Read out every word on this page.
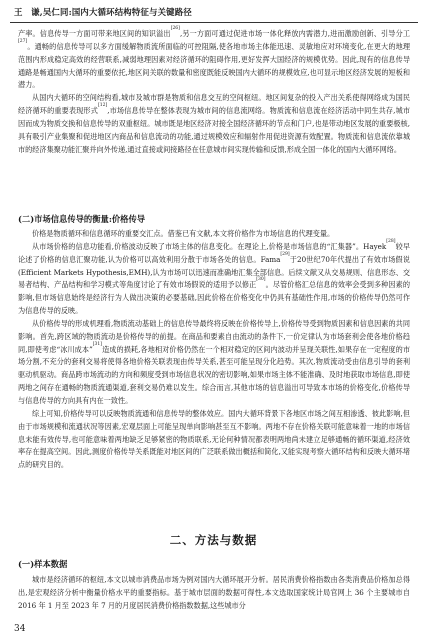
王　谦,吴仁同:国内大循环结构特征与关键路径

产率。信息传导一方面可带来地区间的知识溢出[26],另一方面可通过促进市场一体化释放内需潜力,进而激励创新、引导分工[27]。通畅的信息传导可以多方面缓解物质流所面临的可控阻隔,使各地市场主体能迅速、灵敏地应对环境变化,在更大的地理范围内形成稳定高效的经营联系,减弱地理因素对经济循环的阻碍作用,更好发挥大国经济的规模优势。因此,现有的信息传导通路是畅通国内大循环的重要依托,地区间关联的数量和密度既能反映国内大循环的规模效应,也可显示地区经济发展的短板和潜力。

从国内大循环的空间结构看,城市及城市群是物质和信息交互的空间枢纽。地区间复杂的投入产出关系使得网络成为国民经济循环的重要表现形式[12],市场信息传导在整体表现为城市间的信息流网络。物质流和信息流在经济活动中同生共存,城市因而成为物质交换和信息传导的双重枢纽。城市既是地区经济对接全国经济循环的节点和门户,也是带动地区发展的重要极核,具有吸引产业集聚和促进地区内商品和信息流动的功能,通过规模效应和辐射作用促进资源有效配置。物质流和信息流依靠城市的经济集聚功能汇聚并向外传递,通过直接或间接路径在任意城市间实现传输和反馈,形成全国一体化的国内大循环网络。

(二)市场信息传导的衡量:价格传导

价格是物质循环和信息循环的重要交汇点。借鉴已有文献,本文将价格作为市场信息的代理变量。

从市场价格的信息功能看,价格波动反映了市场主体的信息变化。在理论上,价格是市场信息的“汇集器”。Hayek[28]较早论述了价格的信息汇聚功能,认为价格可以高效利用分散于市场各处的信息。Fama[29]于20世纪70年代提出了有效市场假说(Efficient Markets Hypothesis,EMH),认为市场可以迅速而准确地汇集全部信息。后续文献又从交易规则、信息形态、交易者结构、产品结构和学习模式等角度讨论了有效市场假说的适用予以修正[30]。尽管价格汇总信息的效率会受到多种因素的影响,但市场信息始终是经济行为人做出决策的必要基础,因此价格在价格变化中仍具有基础性作用,市场的价格传导仍然可作为信息传导的反映。

从价格传导的形成机理看,物质流动基础上的信息传导最终将反映在价格传导上,价格传导受到物质因素和信息因素的共同影响。首先,跨区域的物质流动是价格传导的前提。在商品和要素自由流动的条件下,一价定律认为市场套利会使各地价格趋同,即使考虑“冰川成本”[31]造成的损耗,各地相对价格仍然在一个相对稳定的区间内波动并呈现关联性,如果存在一定程度的市场分割,不充分的套利交易将使得各地价格关联表现由传导关系,甚至可能呈现分化趋势。其次,物质流动受由信息引导的套利驱动机驱动。商品跨市场流动的方向和频度受到市场信息状况的密切影响,如果市场主体不能准确、及时地获取市场信息,即使两地之间存在通畅的物质流通渠道,套利交易仍难以发生。综合而言,其他市场的信息溢出可导致本市场的价格变化,价格传导与信息传导的方向具有内在一致性。

综上可知,价格传导可以反映物质流通和信息传导的整体效应。国内大循环背景下各地区市场之间互相渗透、彼此影响,但由于市场规模和流通状况等因素,宏观层面上可能呈现单向影响甚至互不影响。两地不存在价格关联可能意味着一地的市场信息未能有效传导,也可能意味着两地缺乏足够紧密的物质联系,无论何种情况都表明两地尚未建立足够通畅的循环渠道,经济效率存在提高空间。因此,测度价格传导关系既能对地区间的广泛联系做出概括和简化,又能实现考察大循环结构和反映大循环堵点的研究目的。

二、方法与数据
(一)样本数据

城市是经济循环的枢纽,本文以城市消费品市场为例对国内大循环展开分析。居民消费价格指数由各类消费品价格加总得出,是宏观经济分析中衡量价格水平的重要指标。基于城市层面的数据可得性,本文选取国家统计局官网上 36 个主要城市自 2016 年 1 月至 2023 年 7 月的月度居民消费价格指数数据,这些城市分

34
